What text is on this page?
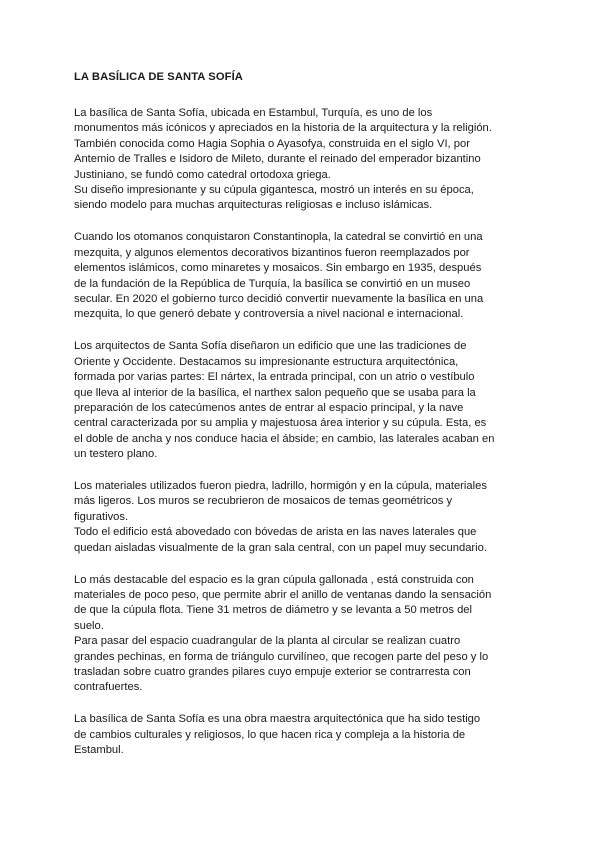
LA BASÍLICA DE SANTA SOFÍA

La basílica de Santa Sofía, ubicada en Estambul, Turquía, es uno de los
monumentos más icónicos y apreciados en la historia de la arquitectura y la religión.
También conocida como Hagia Sophia o Ayasofya, construida en el siglo VI, por
Antemio de Tralles e Isidoro de Mileto, durante el reinado del emperador bizantino
Justiniano, se fundó como catedral ortodoxa griega.
Su diseño impresionante y su cúpula gigantesca, mostró un interés en su época,
siendo modelo para muchas arquitecturas religiosas e incluso islámicas.

Cuando los otomanos conquistaron Constantinopla, la catedral se convirtió en una
mezquita, y algunos elementos decorativos bizantinos fueron reemplazados por
elementos islámicos, como minaretes y mosaicos. Sin embargo en 1935, después
de la fundación de la República de Turquía, la basílica se convirtió en un museo
secular. En 2020 el gobierno turco decidió convertir nuevamente la basílica en una
mezquita, lo que generó debate y controversia a nivel nacional e internacional.

Los arquitectos de Santa Sofía diseñaron un edificio que une las tradiciones de
Oriente y Occidente. Destacamos su impresionante estructura arquitectónica,
formada por varias partes: El nártex, la entrada principal, con un atrio o vestíbulo
que lleva al interior de la basílica, el narthex salon pequeño que se usaba para la
preparación de los catecúmenos antes de entrar al espacio principal, y la nave
central caracterizada por su amplia y majestuosa área interior y su cúpula. Esta, es
el doble de ancha y nos conduce hacia el ábside; en cambio, las laterales acaban en
un testero plano.

Los materiales utilizados fueron piedra, ladrillo, hormigón y en la cúpula, materiales
más ligeros. Los muros se recubrieron de mosaicos de temas geométricos y
figurativos.
Todo el edificio está abovedado con bóvedas de arista en las naves laterales que
quedan aisladas visualmente de la gran sala central, con un papel muy secundario.

Lo más destacable del espacio es la gran cúpula gallonada , está construida con
materiales de poco peso, que permite abrir el anillo de ventanas dando la sensación
de que la cúpula flota. Tiene 31 metros de diámetro y se levanta a 50 metros del
suelo.
Para pasar del espacio cuadrangular de la planta al circular se realizan cuatro
grandes pechinas, en forma de triángulo curvilíneo, que recogen parte del peso y lo
trasladan sobre cuatro grandes pilares cuyo empuje exterior se contrarresta con
contrafuertes.

La basílica de Santa Sofía es una obra maestra arquitectónica que ha sido testigo
de cambios culturales y religiosos, lo que hacen rica y compleja a la historia de
Estambul.
